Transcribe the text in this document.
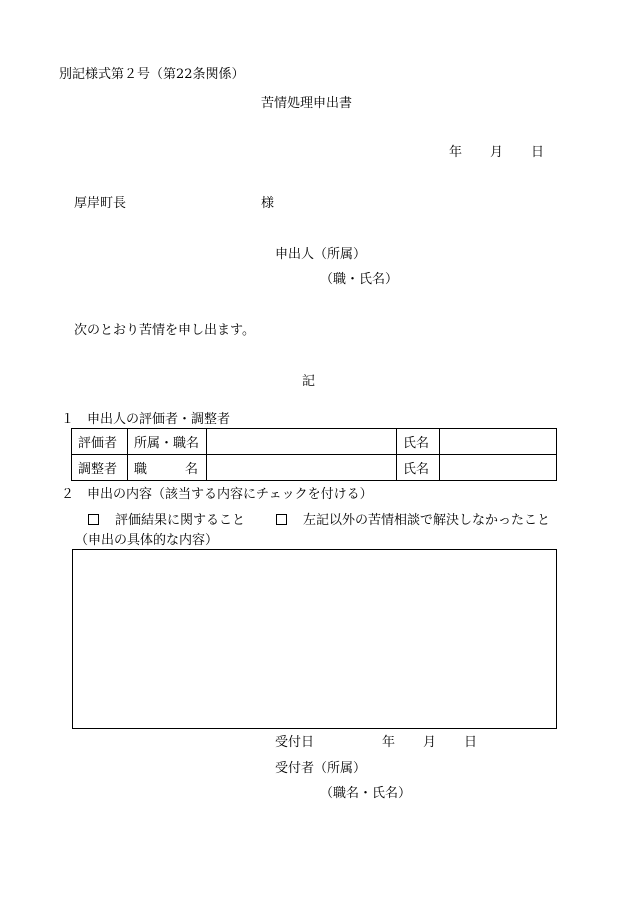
別記様式第２号（第22条関係）
苦情処理申出書
年 月 日
厚岸町長	様
申出人（所属）
（職・氏名）
次のとおり苦情を申し出ます。
記
１　申出人の評価者・調整者
評価者	所属・職名		氏名	
調整者	職 名		氏名	
２　申出の内容（該当する内容にチェックを付ける）
評価結果に関すること	左記以外の苦情相談で解決しなかったこと
（申出の具体的な内容）
受付日	年 月 日
受付者（所属）
（職名・氏名）
